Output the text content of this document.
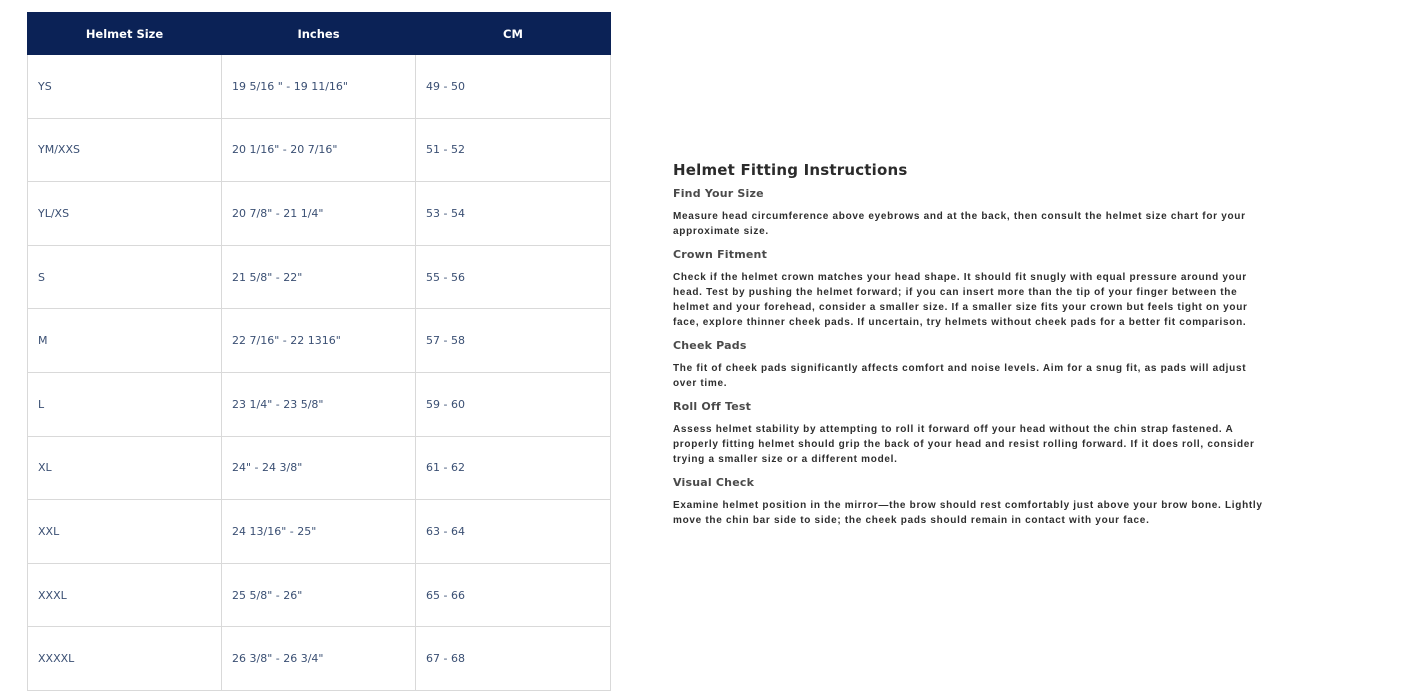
Helmet Size	Inches	CM
YS	19 5/16 " - 19 11/16"	49 - 50
YM/XXS	20 1/16" - 20 7/16"	51 - 52
YL/XS	20 7/8" - 21 1/4"	53 - 54
S	21 5/8" - 22"	55 - 56
M	22 7/16" - 22 1316"	57 - 58
L	23 1/4" - 23 5/8"	59 - 60
XL	24" - 24 3/8"	61 - 62
XXL	24 13/16" - 25"	63 - 64
XXXL	25 5/8" - 26"	65 - 66
XXXXL	26 3/8" - 26 3/4"	67 - 68
Helmet Fitting Instructions
Find Your Size

Measure head circumference above eyebrows and at the back, then consult the helmet size chart for your approximate size.

Crown Fitment

Check if the helmet crown matches your head shape. It should fit snugly with equal pressure around your head. Test by pushing the helmet forward; if you can insert more than the tip of your finger between the helmet and your forehead, consider a smaller size. If a smaller size fits your crown but feels tight on your face, explore thinner cheek pads. If uncertain, try helmets without cheek pads for a better fit comparison.

Cheek Pads

The fit of cheek pads significantly affects comfort and noise levels. Aim for a snug fit, as pads will adjust over time.

Roll Off Test

Assess helmet stability by attempting to roll it forward off your head without the chin strap fastened. A properly fitting helmet should grip the back of your head and resist rolling forward. If it does roll, consider trying a smaller size or a different model.

Visual Check

Examine helmet position in the mirror—the brow should rest comfortably just above your brow bone. Lightly move the chin bar side to side; the cheek pads should remain in contact with your face.
